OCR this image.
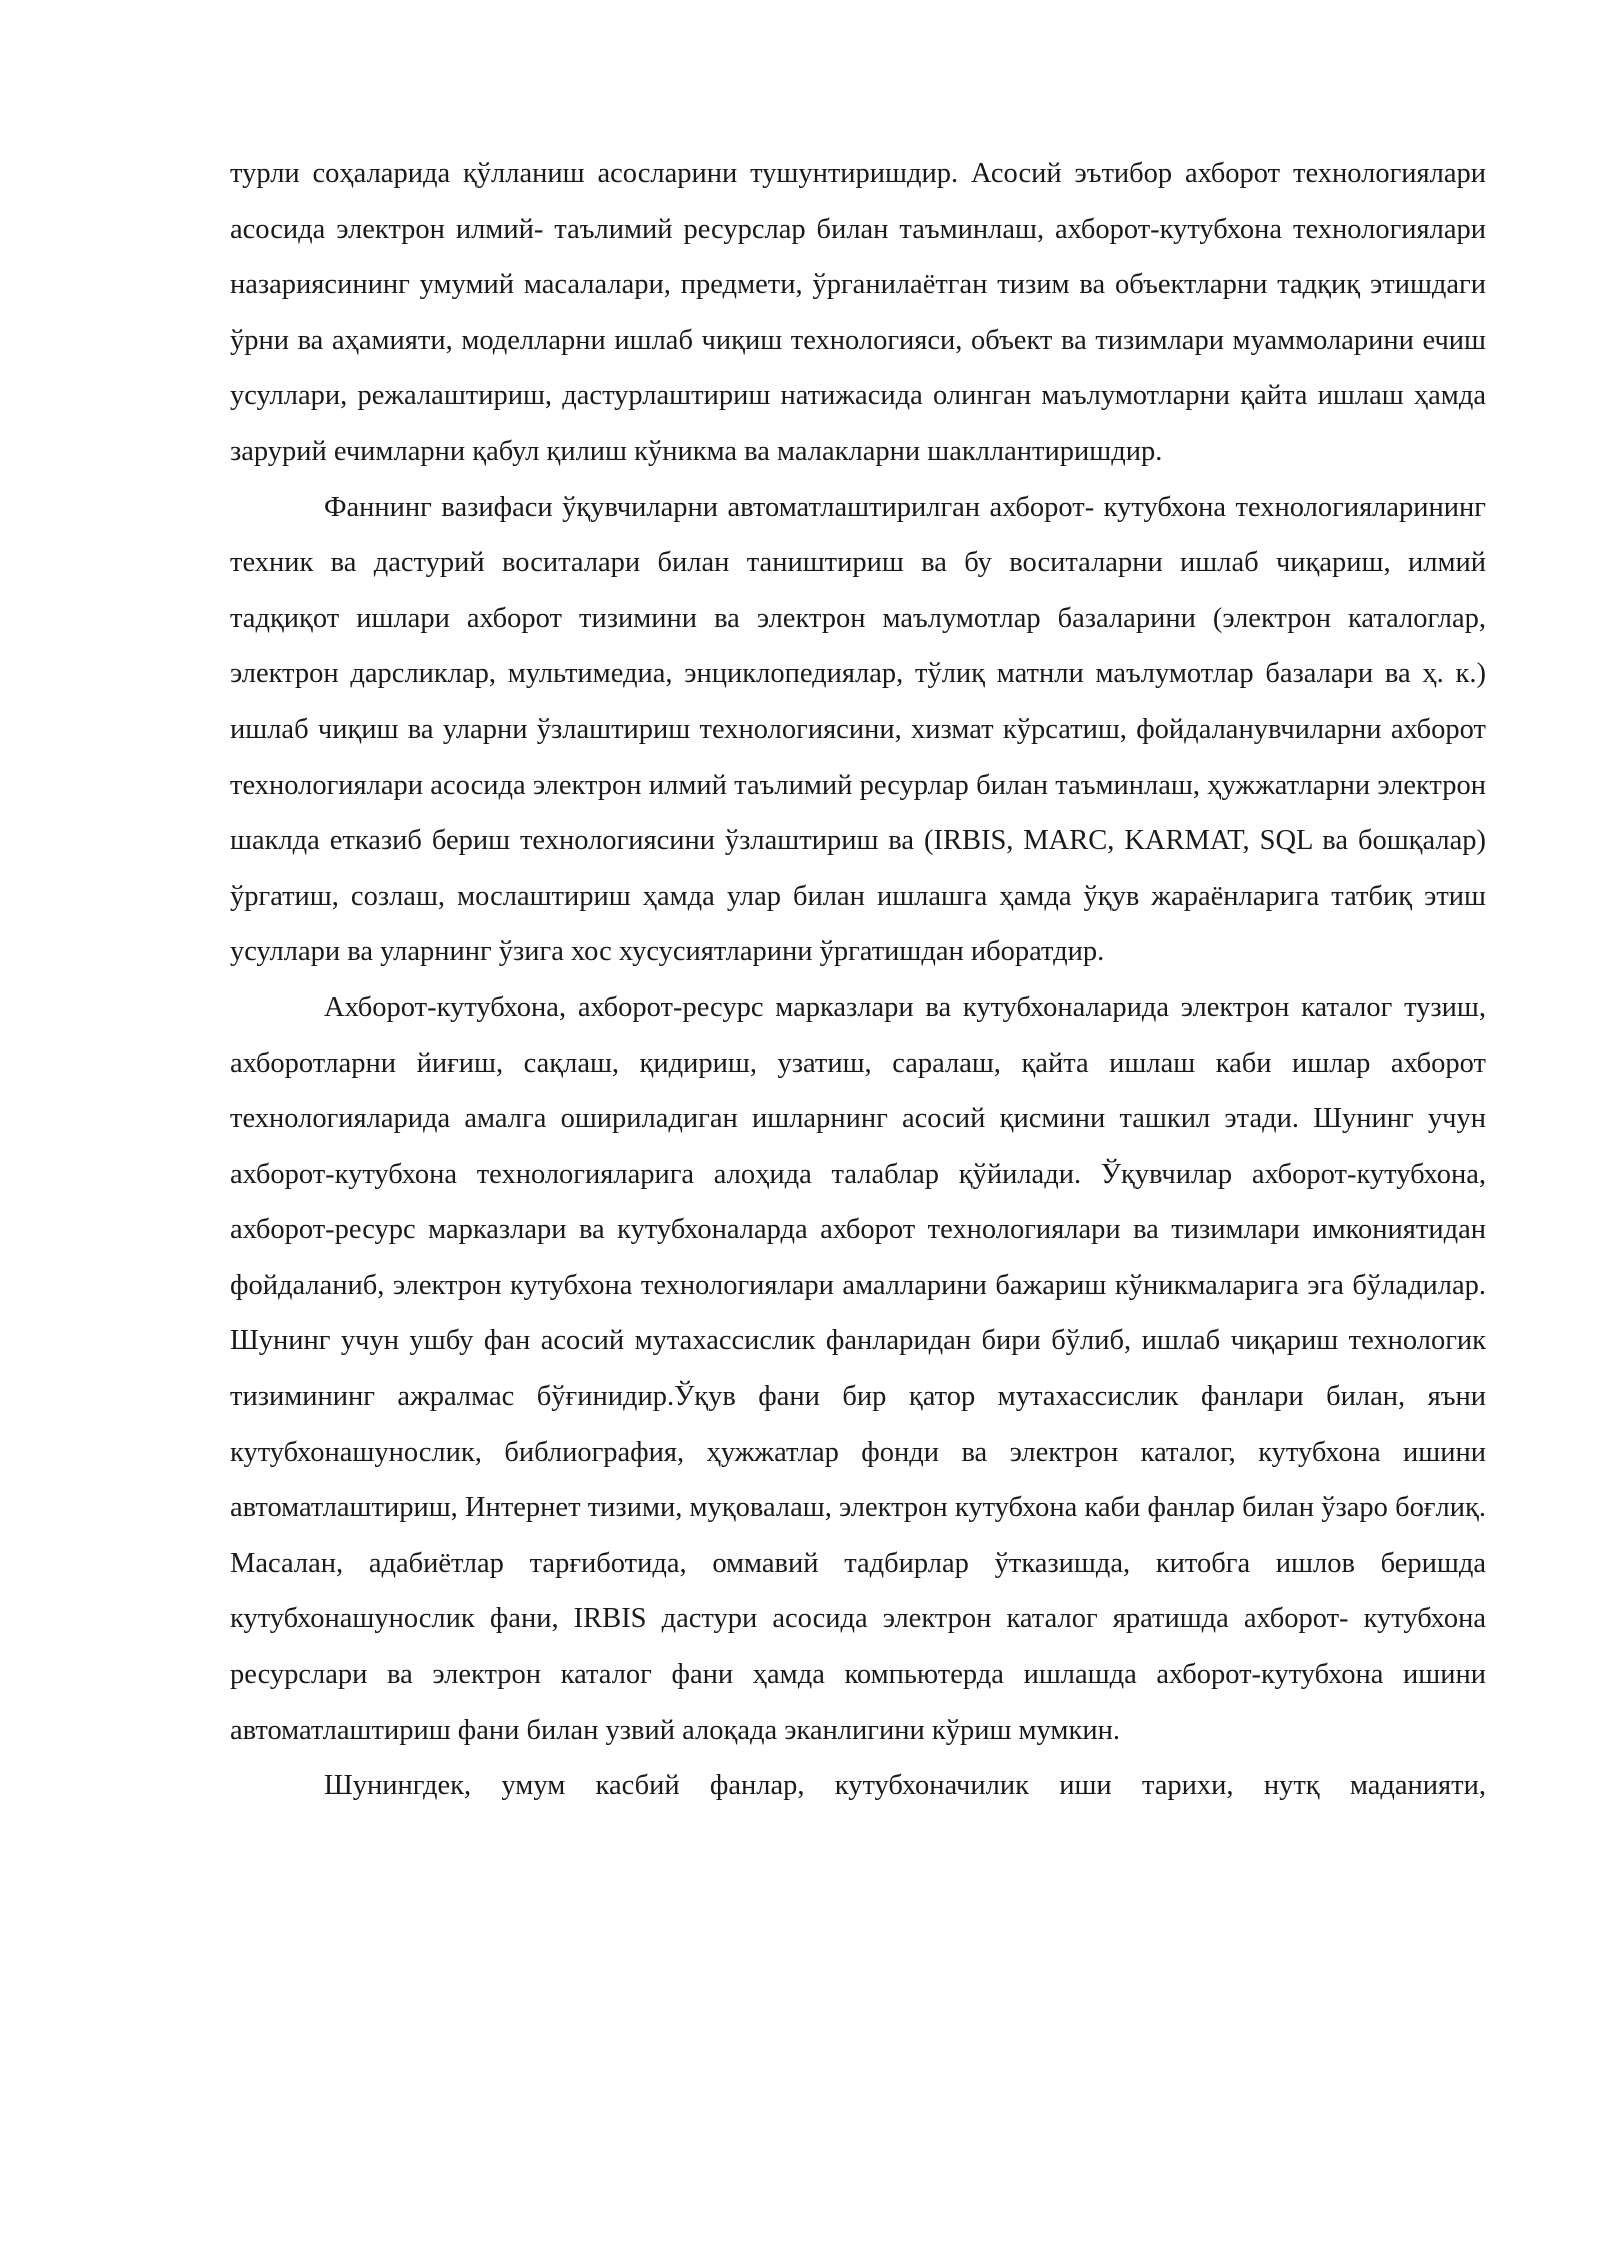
турли соҳаларида қўлланиш асосларини тушунтиришдир. Асосий эътибор ахборот технологиялари асосида электрон илмий- таълимий ресурслар билан таъминлаш, ахборот-кутубхона технологиялари назариясининг умумий масалалари, предмети, ўрганилаётган тизим ва объектларни тадқиқ этишдаги ўрни ва аҳамияти, моделларни ишлаб чиқиш технологияси, объект ва тизимлари муаммоларини ечиш усуллари, режалаштириш, дастурлаштириш натижасида олинган маълумотларни қайта ишлаш ҳамда зарурий ечимларни қабул қилиш кўникма ва малакларни шакллантиришдир.

Фаннинг вазифаси ўқувчиларни автоматлаштирилган ахборот- кутубхона технологияларининг техник ва дастурий воситалари билан таништириш ва бу воситаларни ишлаб чиқариш, илмий тадқиқот ишлари ахборот тизимини ва электрон маълумотлар базаларини (электрон каталоглар, электрон дарсликлар, мультимедиа, энциклопедиялар, тўлиқ матнли маълумотлар базалари ва ҳ. к.) ишлаб чиқиш ва уларни ўзлаштириш технологиясини, хизмат кўрсатиш, фойдаланувчиларни ахборот технологиялари асосида электрон илмий таълимий ресурлар билан таъминлаш, ҳужжатларни электрон шаклда етказиб бериш технологиясини ўзлаштириш ва (IRBIS, MARC, KARMAT, SQL ва бошқалар) ўргатиш, созлаш, мослаштириш ҳамда улар билан ишлашга ҳамда ўқув жараёнларига татбиқ этиш усуллари ва уларнинг ўзига хос хусусиятларини ўргатишдан иборатдир.

Ахборот-кутубхона, ахборот-ресурс марказлари ва кутубхоналарида электрон каталог тузиш, ахборотларни йиғиш, сақлаш, қидириш, узатиш, саралаш, қайта ишлаш каби ишлар ахборот технологияларида амалга ошириладиган ишларнинг асосий қисмини ташкил этади. Шунинг учун ахборот-кутубхона технологияларига алоҳида талаблар қўйилади. Ўқувчилар ахборот-кутубхона, ахборот-ресурс марказлари ва кутубхоналарда ахборот технологиялари ва тизимлари имкониятидан фойдаланиб, электрон кутубхона технологиялари амалларини бажариш кўникмаларига эга бўладилар. Шунинг учун ушбу фан асосий мутахассислик фанларидан бири бўлиб, ишлаб чиқариш технологик тизимининг ажралмас бўғинидир.Ўқув фани бир қатор мутахассислик фанлари билан, яъни кутубхонашунослик, библиография, ҳужжатлар фонди ва электрон каталог, кутубхона ишини автоматлаштириш, Интернет тизими, муқовалаш, электрон кутубхона каби фанлар билан ўзаро боғлиқ. Масалан, адабиётлар тарғиботида, оммавий тадбирлар ўтказишда, китобга ишлов беришда кутубхонашунослик фани, IRBIS дастури асосида электрон каталог яратишда ахборот- кутубхона ресурслари ва электрон каталог фани ҳамда компьютерда ишлашда ахборот-кутубхона ишини автоматлаштириш фани билан узвий алоқада эканлигини кўриш мумкин.

Шунингдек, умум касбий фанлар, кутубхоначилик иши тарихи, нутқ маданияти,
